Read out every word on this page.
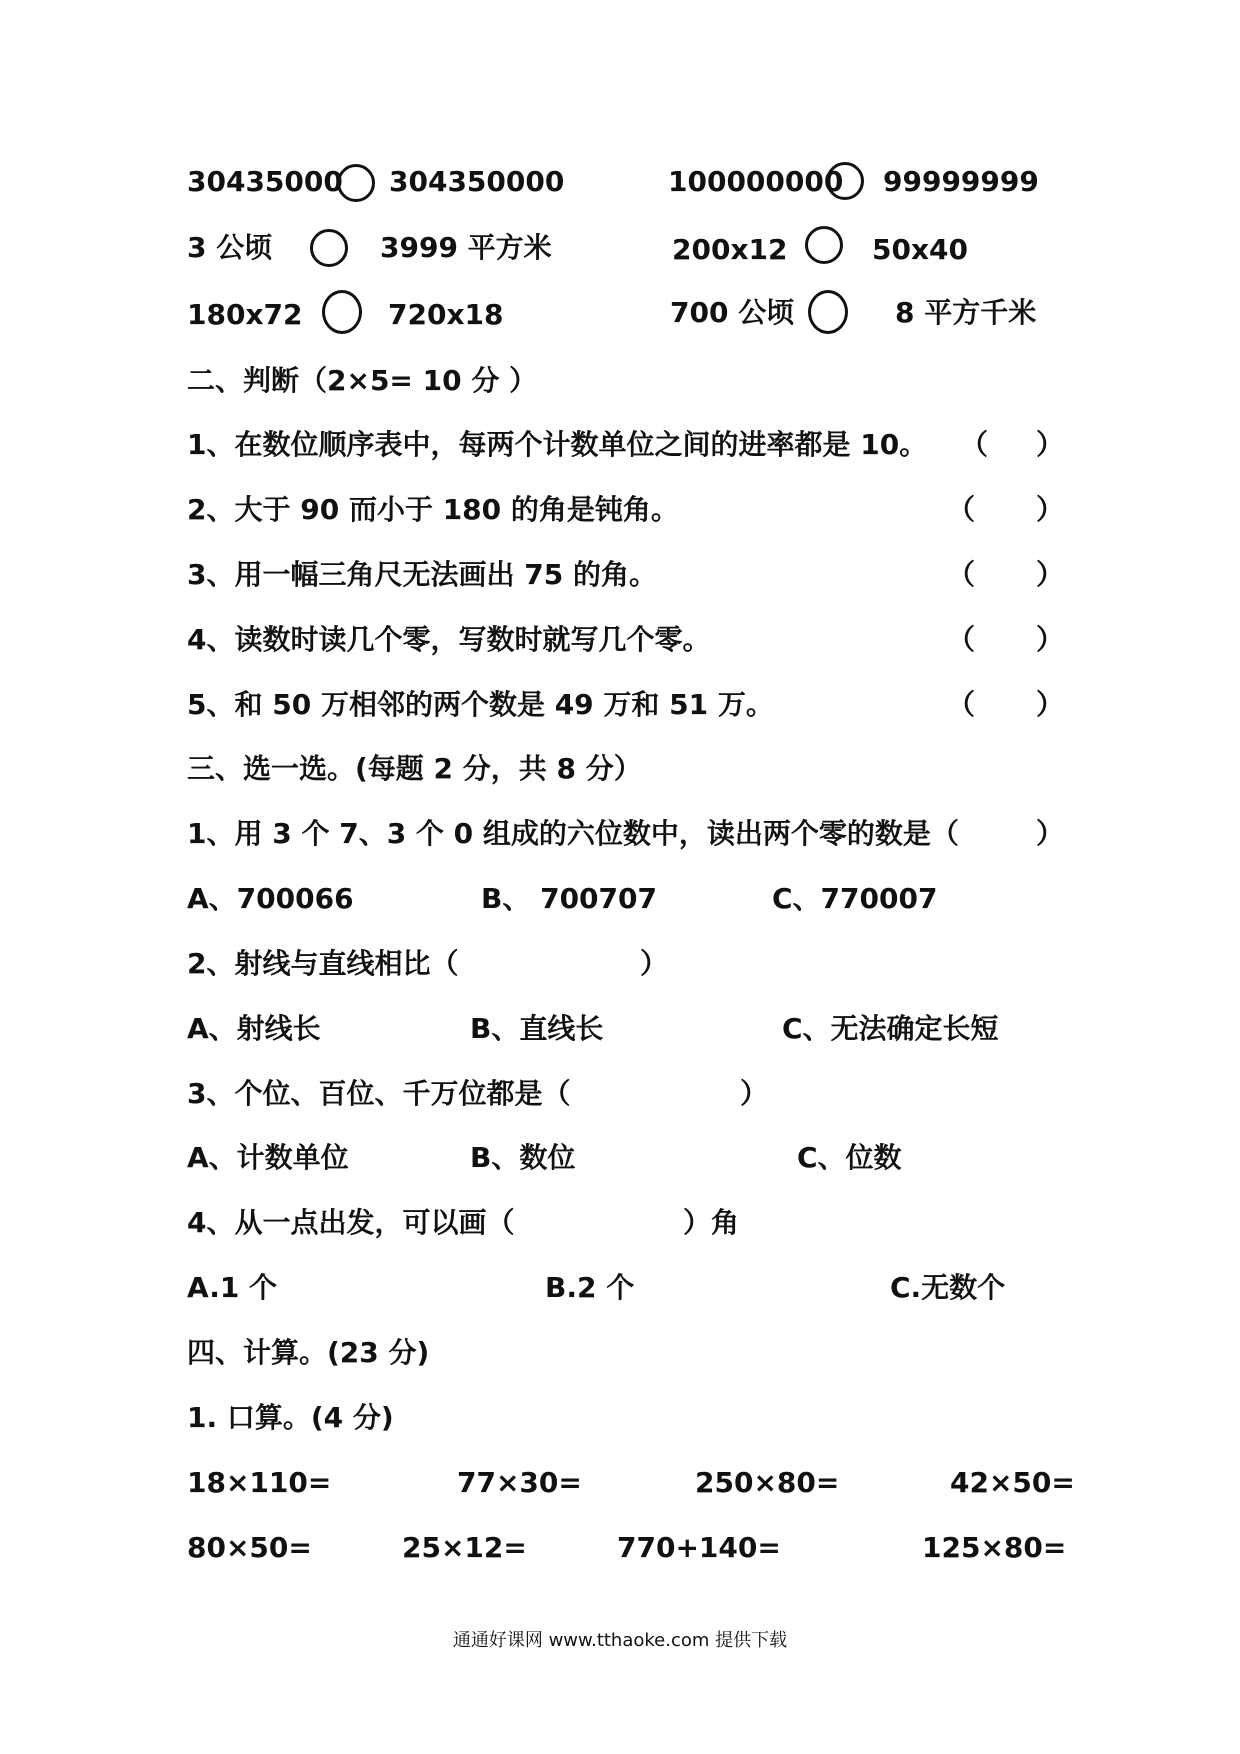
30435000 304350000	100000000 99999999
3 公顷	3999 平方米	200x12	50x40
180x72	720x18	700 公顷	8 平方千米
二、判断（2×5= 10 分 ）
1、在数位顺序表中，每两个计数单位之间的进率都是 10。 （ ）
2、大于 90 而小于 180 的角是钝角。	（ ）
3、用一幅三角尺无法画出 75 的角。	（ ）
4、读数时读几个零，写数时就写几个零。	（ ）
5、和 50 万相邻的两个数是 49 万和 51 万。	（ ）
三、选一选。(每题 2 分，共 8 分）
1、用 3 个 7、3 个 0 组成的六位数中，读出两个零的数是（	）
A、700066	B、 700707	C、770007
2、射线与直线相比（	）
A、射线长	B、直线长	C、无法确定长短
3、个位、百位、千万位都是（	）
A、计数单位	B、数位	C、位数
4、从一点出发，可以画（	）角
A.1 个	B.2 个	C.无数个
四、计算。(23 分)
1. 口算。(4 分)
18×110=	77×30=	250×80=	42×50=
80×50=	25×12=	770+140=	125×80=
通通好课网 www.tthaoke.com 提供下载
